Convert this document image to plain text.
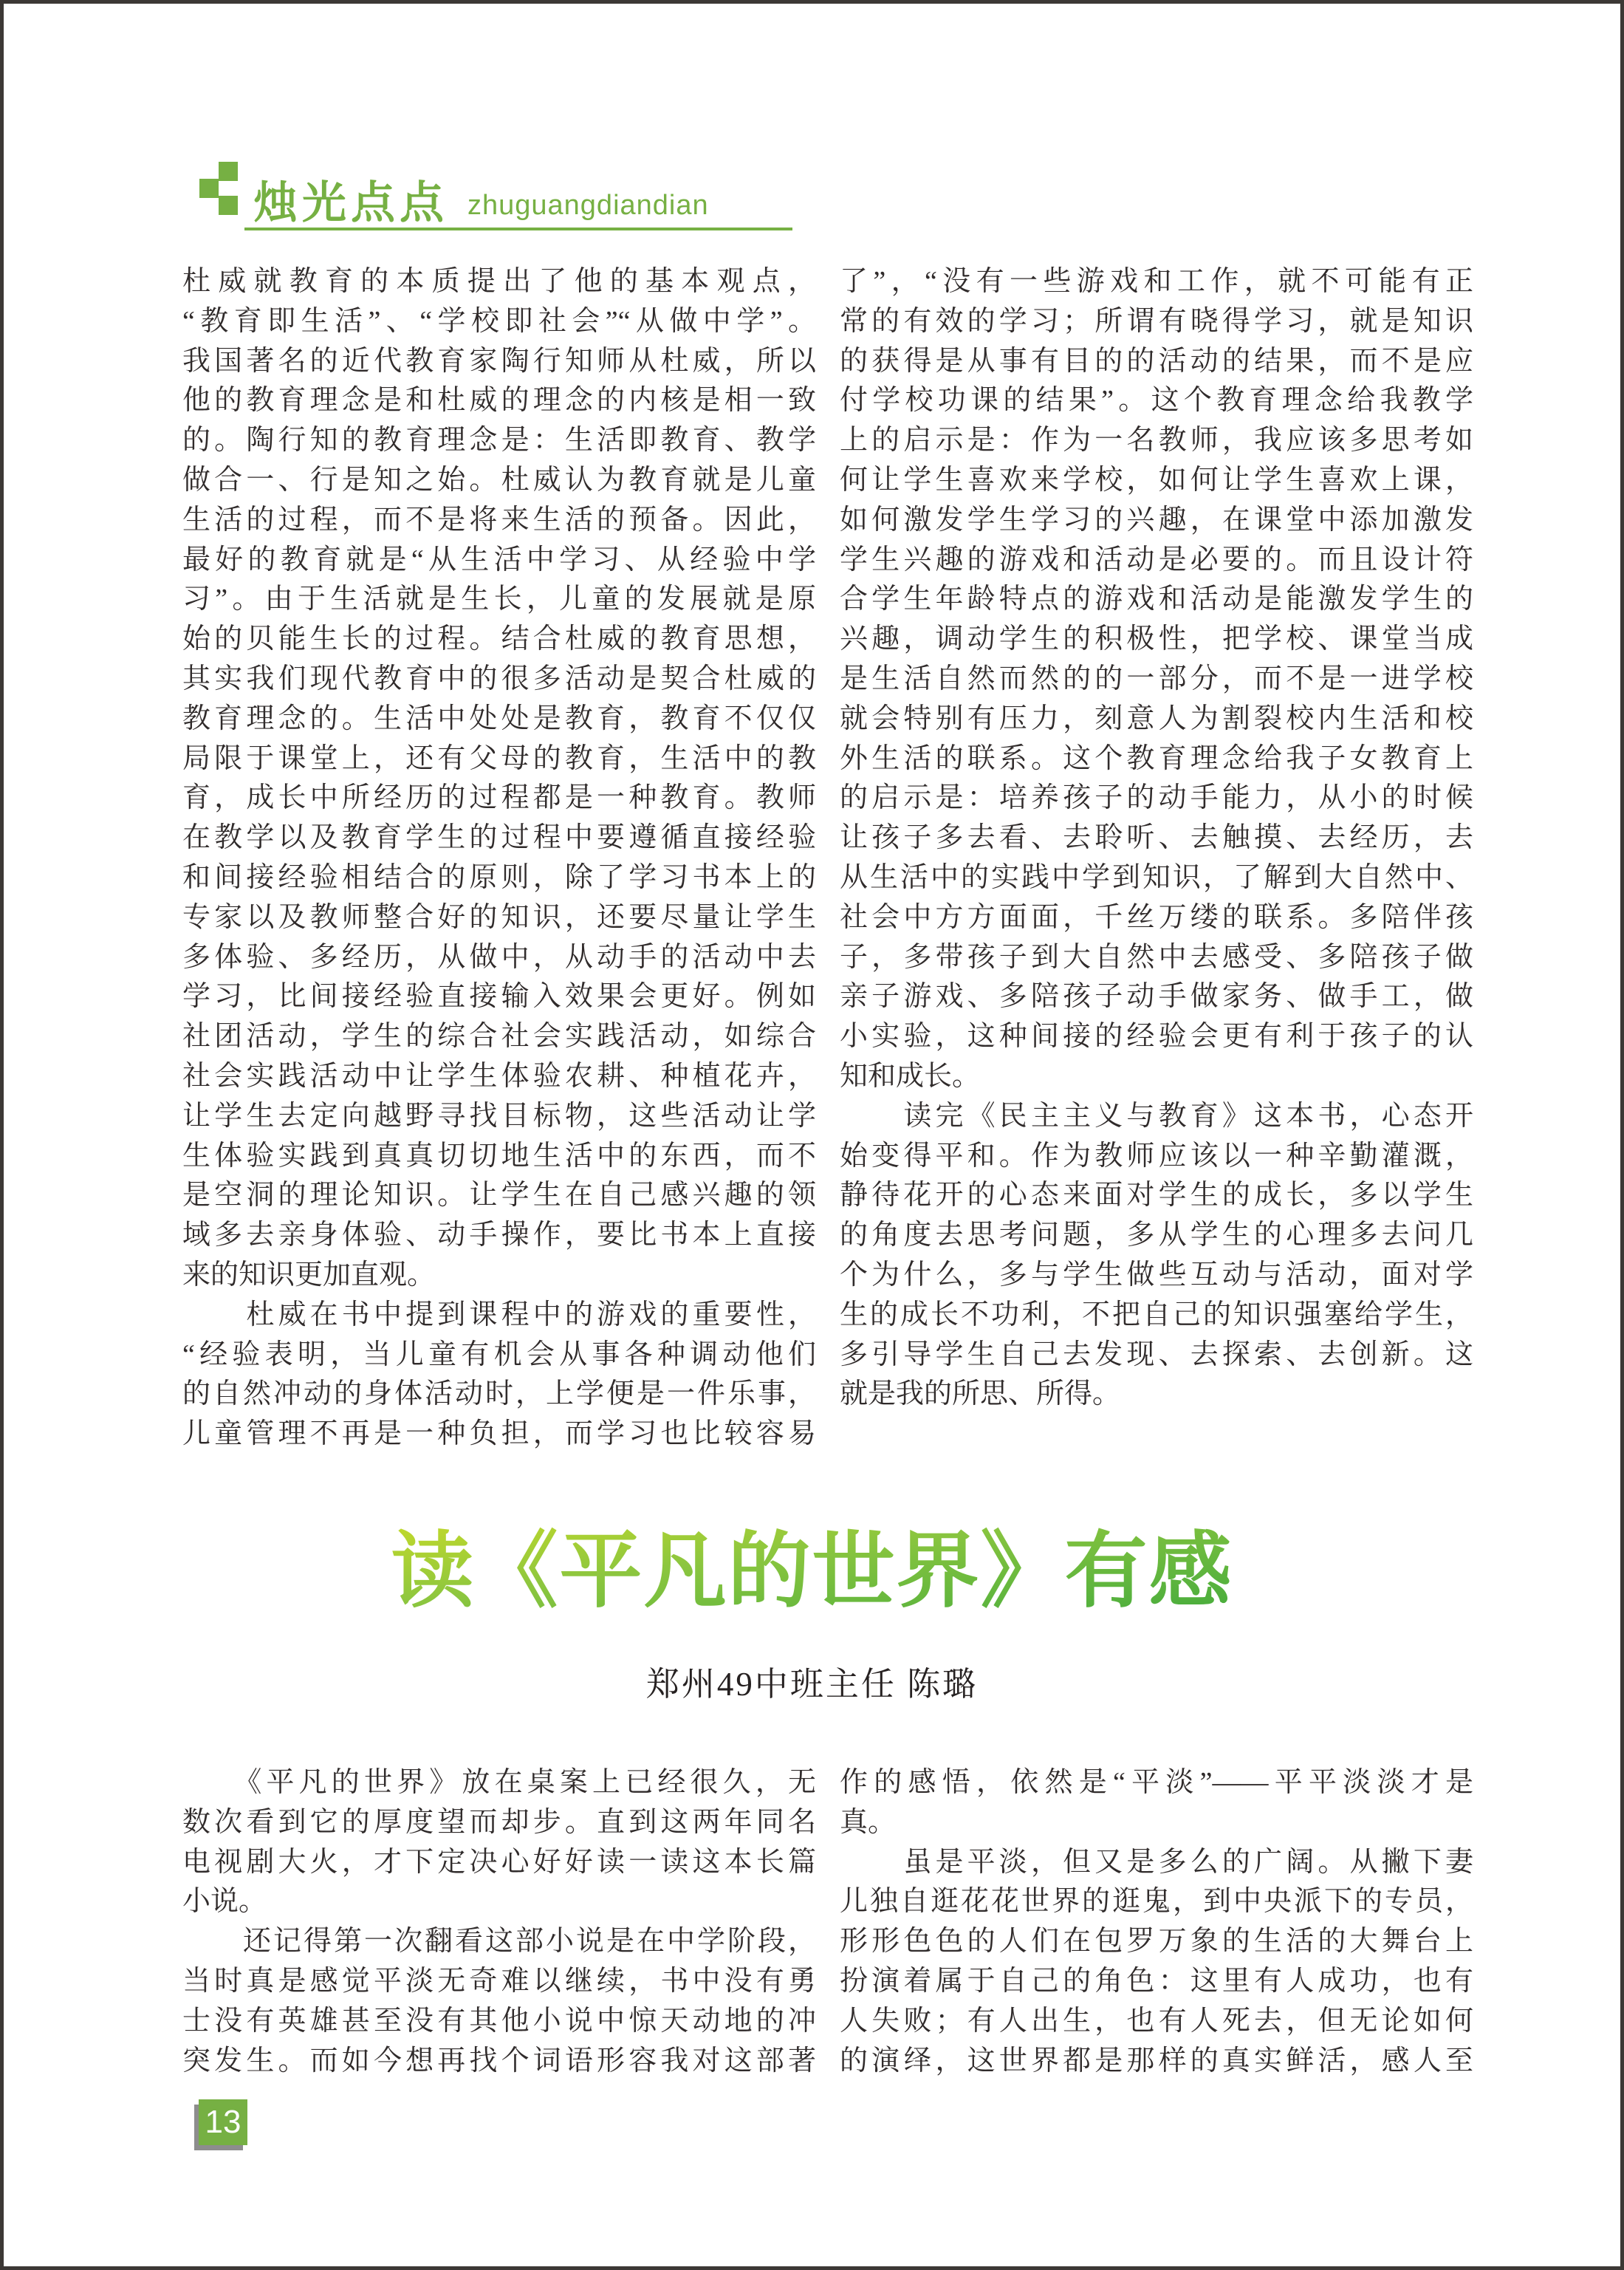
烛光点点 zhuguangdiandian
杜威就教育的本质提出了他的基本观点，
“教育即生活”、“学校即社会”“从做中学”。
我国著名的近代教育家陶行知师从杜威，所以
他的教育理念是和杜威的理念的内核是相一致
的。陶行知的教育理念是：生活即教育、教学
做合一、行是知之始。杜威认为教育就是儿童
生活的过程，而不是将来生活的预备。因此，
最好的教育就是“从生活中学习、从经验中学
习”。由于生活就是生长，儿童的发展就是原
始的贝能生长的过程。结合杜威的教育思想，
其实我们现代教育中的很多活动是契合杜威的
教育理念的。生活中处处是教育，教育不仅仅
局限于课堂上，还有父母的教育，生活中的教
育，成长中所经历的过程都是一种教育。教师
在教学以及教育学生的过程中要遵循直接经验
和间接经验相结合的原则，除了学习书本上的
专家以及教师整合好的知识，还要尽量让学生
多体验、多经历，从做中，从动手的活动中去
学习，比间接经验直接输入效果会更好。例如
社团活动，学生的综合社会实践活动，如综合
社会实践活动中让学生体验农耕、种植花卉，
让学生去定向越野寻找目标物，这些活动让学
生体验实践到真真切切地生活中的东西，而不
是空洞的理论知识。让学生在自己感兴趣的领
域多去亲身体验、动手操作，要比书本上直接
来的知识更加直观。
　　杜威在书中提到课程中的游戏的重要性，
“经验表明，当儿童有机会从事各种调动他们
的自然冲动的身体活动时，上学便是一件乐事，
儿童管理不再是一种负担，而学习也比较容易
了”，“没有一些游戏和工作，就不可能有正
常的有效的学习；所谓有晓得学习，就是知识
的获得是从事有目的的活动的结果，而不是应
付学校功课的结果”。这个教育理念给我教学
上的启示是：作为一名教师，我应该多思考如
何让学生喜欢来学校，如何让学生喜欢上课，
如何激发学生学习的兴趣，在课堂中添加激发
学生兴趣的游戏和活动是必要的。而且设计符
合学生年龄特点的游戏和活动是能激发学生的
兴趣，调动学生的积极性，把学校、课堂当成
是生活自然而然的的一部分，而不是一进学校
就会特别有压力，刻意人为割裂校内生活和校
外生活的联系。这个教育理念给我子女教育上
的启示是：培养孩子的动手能力，从小的时候
让孩子多去看、去聆听、去触摸、去经历，去
从生活中的实践中学到知识，了解到大自然中、
社会中方方面面，千丝万缕的联系。多陪伴孩
子，多带孩子到大自然中去感受、多陪孩子做
亲子游戏、多陪孩子动手做家务、做手工，做
小实验，这种间接的经验会更有利于孩子的认
知和成长。
　　读完《民主主义与教育》这本书，心态开
始变得平和。作为教师应该以一种辛勤灌溉，
静待花开的心态来面对学生的成长，多以学生
的角度去思考问题，多从学生的心理多去问几
个为什么，多与学生做些互动与活动，面对学
生的成长不功利，不把自己的知识强塞给学生，
多引导学生自己去发现、去探索、去创新。这
就是我的所思、所得。
读《平凡的世界》有感
郑州49中班主任 陈璐
　　《平凡的世界》放在桌案上已经很久，无
数次看到它的厚度望而却步。直到这两年同名
电视剧大火，才下定决心好好读一读这本长篇
小说。
　　还记得第一次翻看这部小说是在中学阶段，
当时真是感觉平淡无奇难以继续，书中没有勇
士没有英雄甚至没有其他小说中惊天动地的冲
突发生。而如今想再找个词语形容我对这部著
作的感悟，依然是“平淡”——平平淡淡才是
真。
　　虽是平淡，但又是多么的广阔。从撇下妻
儿独自逛花花世界的逛鬼，到中央派下的专员，
形形色色的人们在包罗万象的生活的大舞台上
扮演着属于自己的角色：这里有人成功，也有
人失败；有人出生，也有人死去，但无论如何
的演绎，这世界都是那样的真实鲜活，感人至
13
